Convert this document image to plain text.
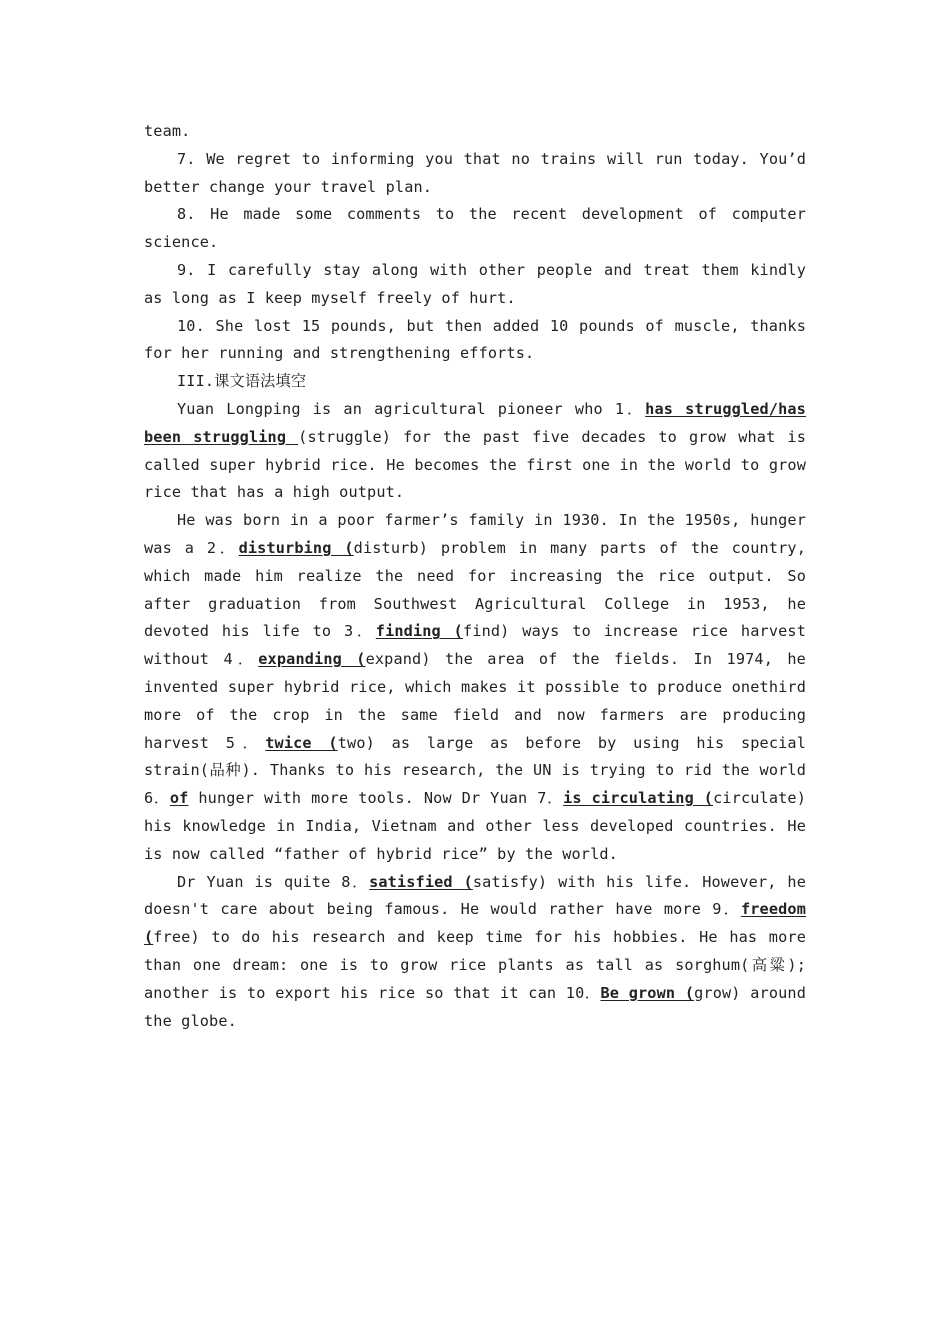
team.

7. We regret to informing you that no trains will run today. You’d better change your travel plan.

8. He made some comments to the recent development of computer science.

9. I carefully stay along with other people and treat them kindly as long as I keep myself freely of hurt.

10. She lost 15 pounds, but then added 10 pounds of muscle, thanks for her running and strengthening efforts.

III.课文语法填空

Yuan Longping is an agricultural pioneer who 1．has struggled/has been struggling (struggle) for the past five decades to grow what is called super hybrid rice. He becomes the first one in the world to grow rice that has a high output.

He was born in a poor farmer’s family in 1930. In the 1950s, hunger was a 2．disturbing (disturb) problem in many parts of the country, which made him realize the need for increasing the rice output. So after graduation from Southwest Agricultural College in 1953, he devoted his life to 3．finding (find) ways to increase rice harvest without 4．expanding (expand) the area of the fields. In 1974, he invented super hybrid rice, which makes it possible to produce onethird more of the crop in the same field and now farmers are producing harvest 5．twice (two) as large as before by using his special strain(品种). Thanks to his research, the UN is trying to rid the world 6．of hunger with more tools. Now Dr Yuan 7．is circulating (circulate) his knowledge in India, Vietnam and other less developed countries. He is now called “father of hybrid rice” by the world.

Dr Yuan is quite 8．satisfied (satisfy) with his life. However, he doesn't care about being famous. He would rather have more 9．freedom (free) to do his research and keep time for his hobbies. He has more than one dream: one is to grow rice plants as tall as sorghum(高粱); another is to export his rice so that it can 10．Be grown (grow) around the globe.
